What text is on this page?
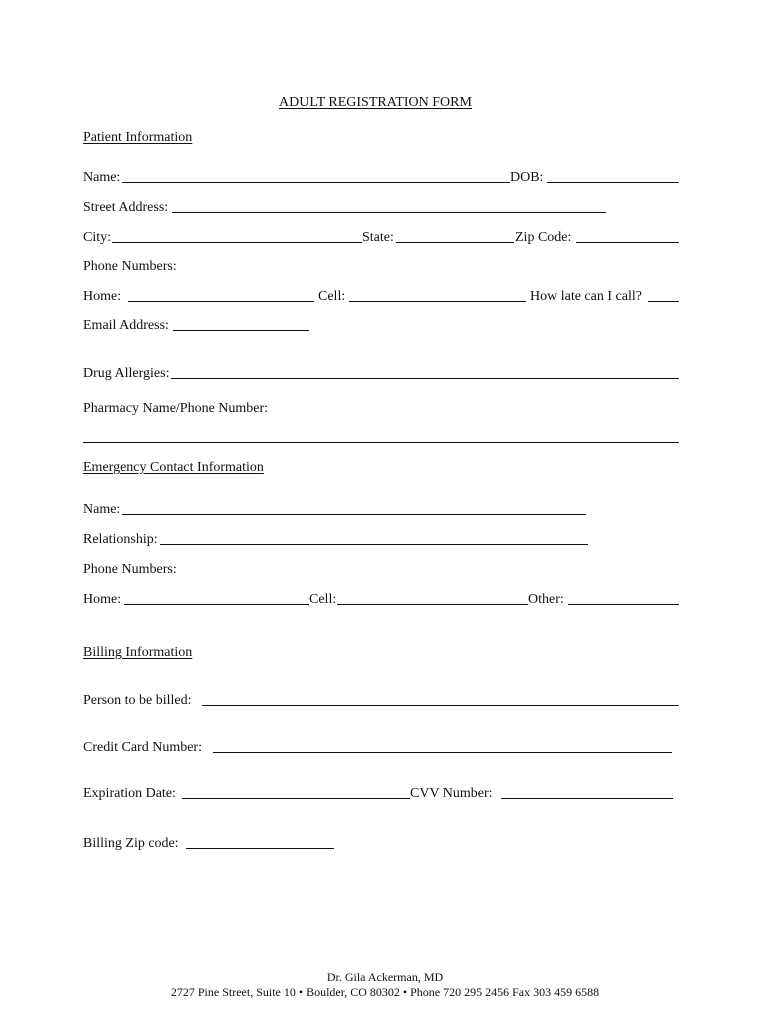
ADULT REGISTRATION FORM
Patient Information
Name:	DOB:
Street Address:
City:	State:	Zip Code:
Phone Numbers:
Home:	Cell:	How late can I call?
Email Address:
Drug Allergies:
Pharmacy Name/Phone Number:
Emergency Contact Information
Name:
Relationship:
Phone Numbers:
Home:	Cell:	Other:
Billing Information
Person to be billed:
Credit Card Number:
Expiration Date:	CVV Number:
Billing Zip code:
Dr. Gila Ackerman, MD
2727 Pine Street, Suite 10 • Boulder, CO 80302 • Phone 720 295 2456 Fax 303 459 6588
